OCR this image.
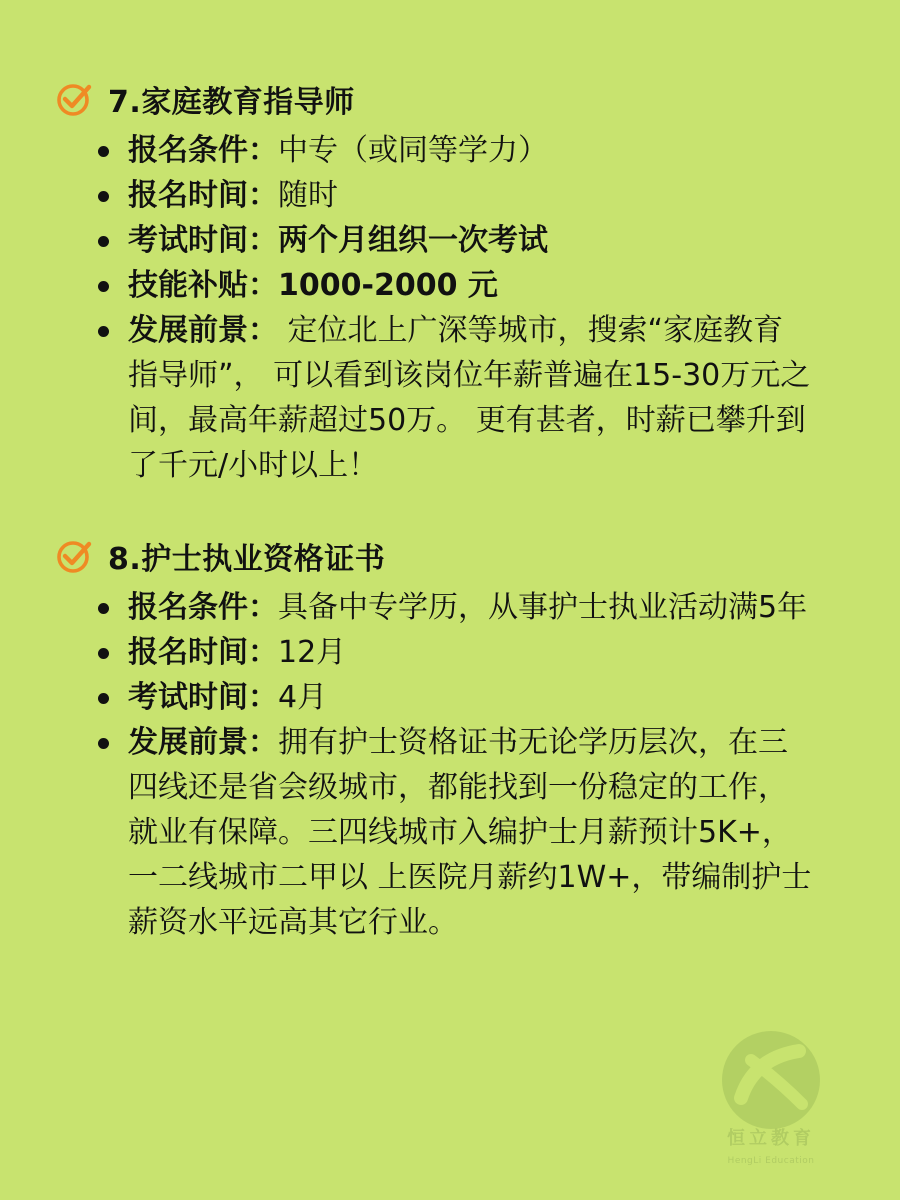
7.家庭教育指导师
报名条件：中专（或同等学力）
报名时间：随时
考试时间：两个月组织一次考试
技能补贴：1000-2000 元
发展前景： 定位北上广深等城市，搜索“家庭教育指导师”， 可以看到该岗位年薪普遍在15-30万元之间，最高年薪超过50万。 更有甚者，时薪已攀升到了千元/小时以上！
8.护士执业资格证书
报名条件：具备中专学历，从事护士执业活动满5年
报名时间：12月
考试时间：4月
发展前景：拥有护士资格证书无论学历层次，在三四线还是省会级城市，都能找到一份稳定的工作，就业有保障。三四线城市入编护士月薪预计5K+，一二线城市二甲以 上医院月薪约1W+，带编制护士薪资水平远高其它行业。
恒立教育
HengLi Education
